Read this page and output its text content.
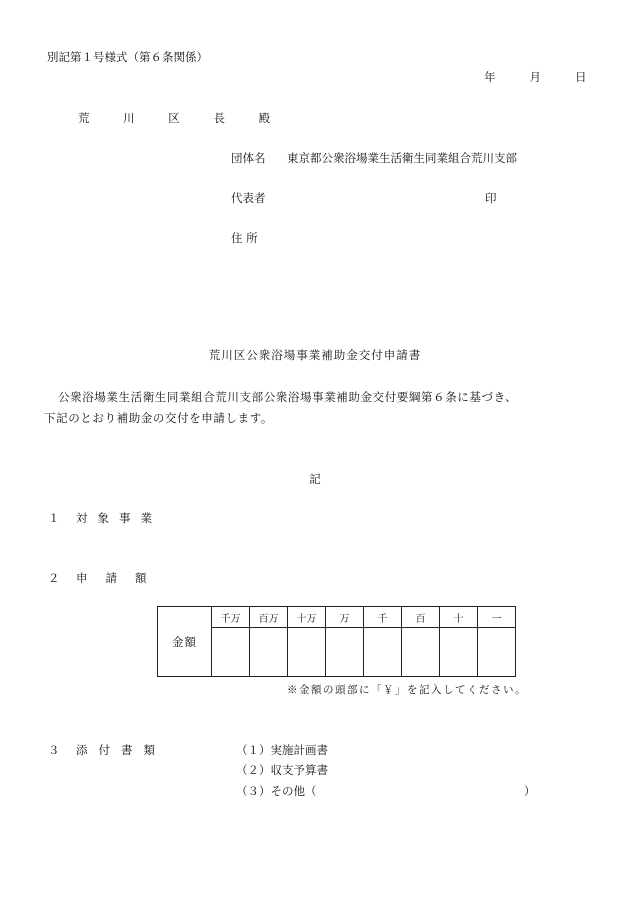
別記第１号様式（第６条関係）
年	月	日
荒 川 区 長 殿
団体名 東京都公衆浴場業生活衛生同業組合荒川支部
代表者	印
住 所
荒川区公衆浴場事業補助金交付申請書

公衆浴場業生活衛生同業組合荒川支部公衆浴場事業補助金交付要綱第６条に基づき、

下記のとおり補助金の交付を申請します。

記
１ 対象事業
２ 申請額
金額	千万	百万	十万	万	千	百	十	一

※金額の頭部に「￥」を記入してください。
３ 添付書類	（１）実施計画書
（２）収支予算書
（３）その他（	）
